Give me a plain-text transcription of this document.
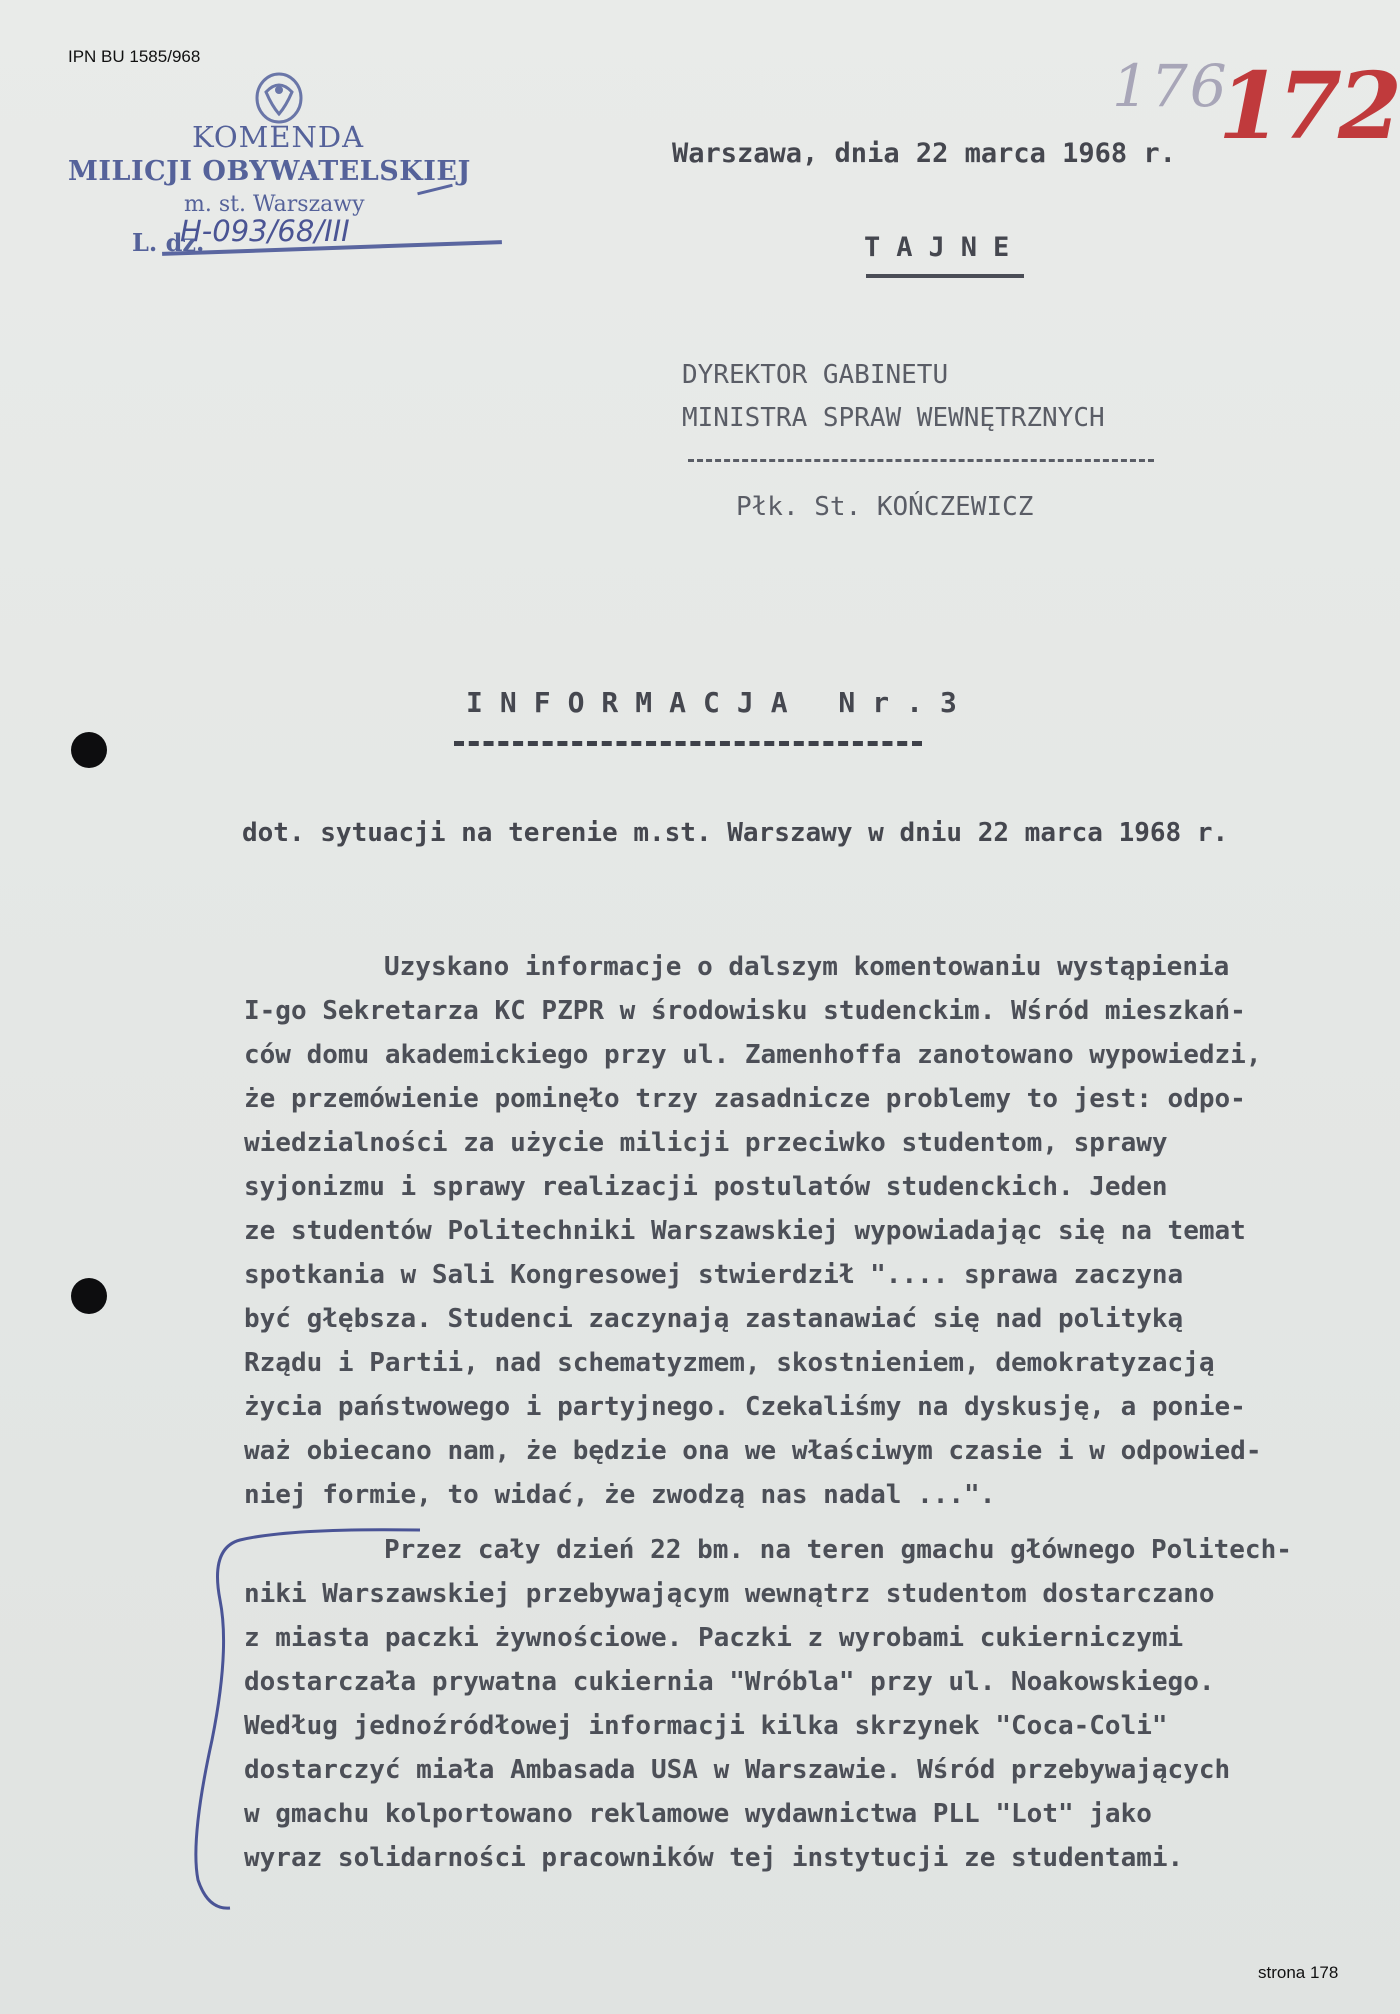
IPN BU 1585/968	176
172
KOMENDA
MILICJI OBYWATELSKIEJ
m. st. Warszawy
L. dz.
H-093/68/III
Warszawa, dnia 22 marca 1968 r.
TAJNE
DYREKTOR GABINETU
MINISTRA SPRAW WEWNĘTRZNYCH
Płk. St. KOŃCZEWICZ
INFORMACJA Nr.3
dot. sytuacji na terenie m.st. Warszawy w dniu 22 marca 1968 r.
Uzyskano informacje o dalszym komentowaniu wystąpienia
I-go Sekretarza KC PZPR w środowisku studenckim. Wśród mieszkań-
ców domu akademickiego przy ul. Zamenhoffa zanotowano wypowiedzi,
że przemówienie pominęło trzy zasadnicze problemy to jest: odpo-
wiedzialności za użycie milicji przeciwko studentom, sprawy
syjonizmu i sprawy realizacji postulatów studenckich. Jeden
ze studentów Politechniki Warszawskiej wypowiadając się na temat
spotkania w Sali Kongresowej stwierdził ".... sprawa zaczyna
być głębsza. Studenci zaczynają zastanawiać się nad polityką
Rządu i Partii, nad schematyzmem, skostnieniem, demokratyzacją
życia państwowego i partyjnego. Czekaliśmy na dyskusję, a ponie-
waż obiecano nam, że będzie ona we właściwym czasie i w odpowied-
niej formie, to widać, że zwodzą nas nadal ...".
Przez cały dzień 22 bm. na teren gmachu głównego Politech-
niki Warszawskiej przebywającym wewnątrz studentom dostarczano
z miasta paczki żywnościowe. Paczki z wyrobami cukierniczymi
dostarczała prywatna cukiernia "Wróbla" przy ul. Noakowskiego.
Według jednoźródłowej informacji kilka skrzynek "Coca-Coli"
dostarczyć miała Ambasada USA w Warszawie. Wśród przebywających
w gmachu kolportowano reklamowe wydawnictwa PLL "Lot" jako
wyraz solidarności pracowników tej instytucji ze studentami.
strona 178
